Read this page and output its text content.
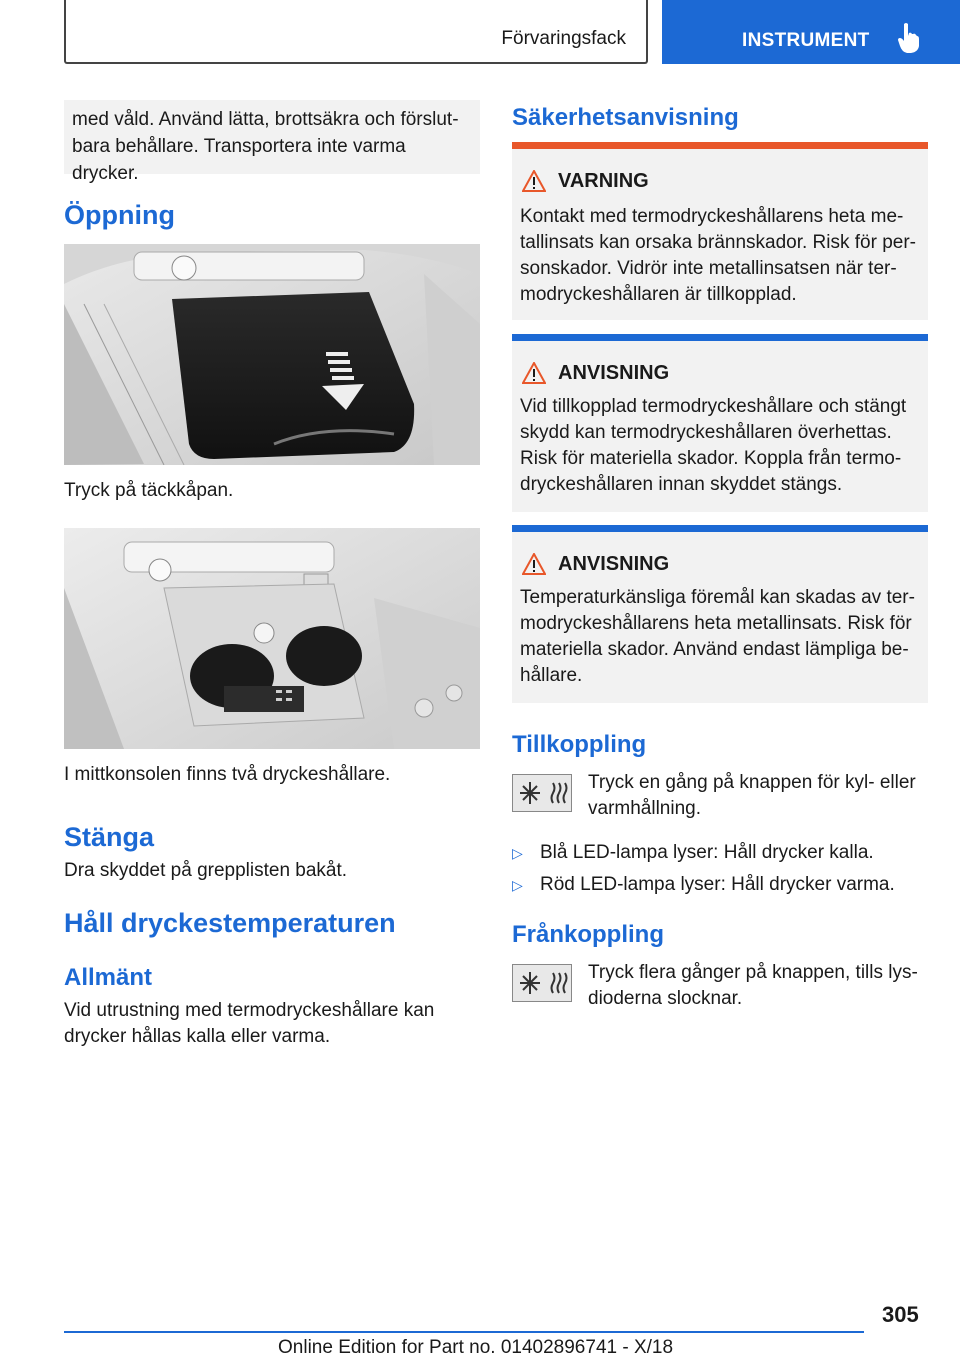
Förvaringsfack	INSTRUMENT

med våld. Använd lätta, brottsäkra och förslut-
bara behållare. Transportera inte varma drycker.

Öppning
Tryck på täckkåpan.
I mittkonsolen finns två dryckeshållare.
Stänga
Dra skyddet på grepplisten bakåt.
Håll dryckestemperaturen
Allmänt
Vid utrustning med termodryckeshållare kan
drycker hållas kalla eller varma.
Säkerhetsanvisning
VARNING
Kontakt med termodryckeshållarens heta me-
tallinsats kan orsaka brännskador. Risk för per-
sonskador. Vidrör inte metallinsatsen när ter-
modryckeshållaren är tillkopplad.
ANVISNING
Vid tillkopplad termodryckeshållare och stängt
skydd kan termodryckeshållaren överhettas.
Risk för materiella skador. Koppla från termo-
dryckeshållaren innan skyddet stängs.
ANVISNING
Temperaturkänsliga föremål kan skadas av ter-
modryckeshållarens heta metallinsats. Risk för
materiella skador. Använd endast lämpliga be-
hållare.
Tillkoppling
Tryck en gång på knappen för kyl- eller
varmhållning.
▷ Blå LED-lampa lyser: Håll drycker kalla.
▷ Röd LED-lampa lyser: Håll drycker varma.
Frånkoppling
Tryck flera gånger på knappen, tills lys-
dioderna slocknar.
305
Online Edition for Part no. 01402896741 - X/18
